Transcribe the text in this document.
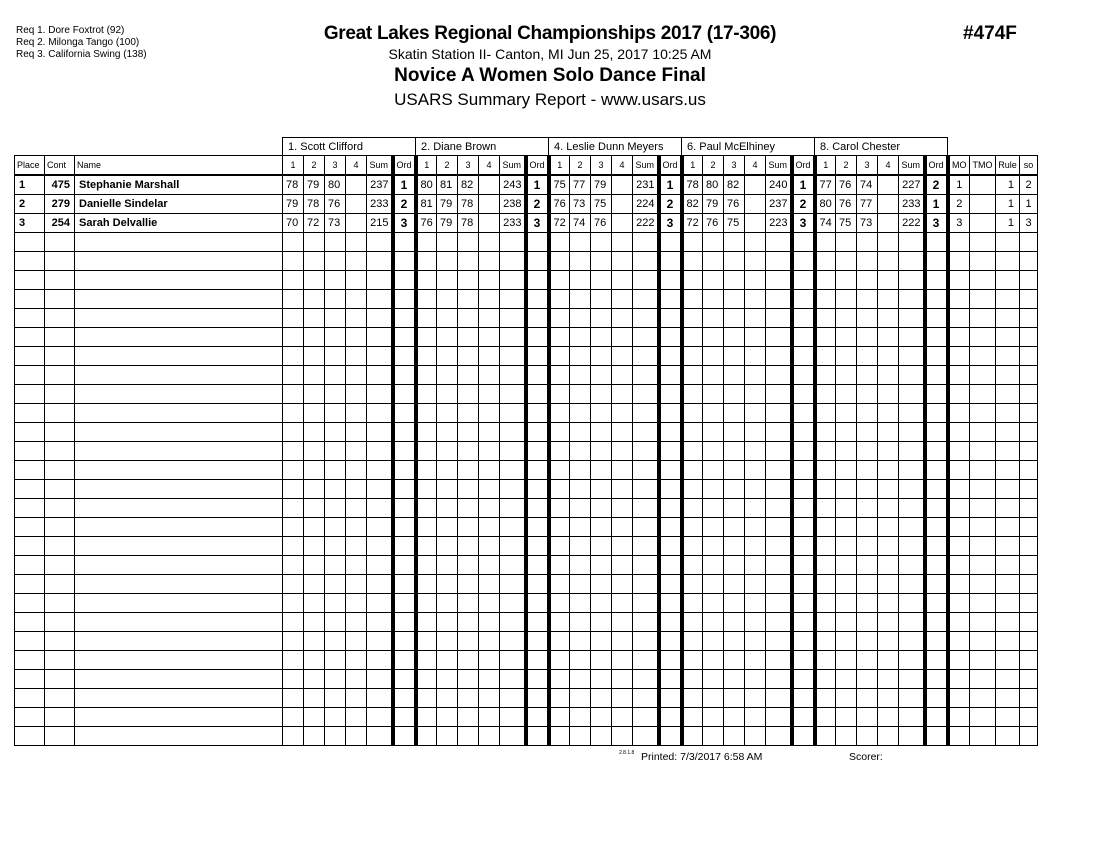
Req 1. Dore Foxtrot (92)
Req 2. Milonga Tango (100)
Req 3. California Swing (138)
Great Lakes Regional Championships 2017 (17-306)
Skatin Station II- Canton, MI Jun 25, 2017 10:25 AM
Novice A Women Solo Dance Final
USARS Summary Report - www.usars.us
#474F
			1. Scott Clifford						2. Diane Brown						4. Leslie Dunn Meyers						6. Paul McElhiney						8. Carol Chester									
Place	Cont	Name	1	2	3	4	Sum	Ord	1	2	3	4	Sum	Ord	1	2	3	4	Sum	Ord	1	2	3	4	Sum	Ord	1	2	3	4	Sum	Ord	MO	TMO	Rule	so
1	475	Stephanie Marshall	78	79	80		237	1	80	81	82		243	1	75	77	79		231	1	78	80	82		240	1	77	76	74		227	2	1		1	2
2	279	Danielle Sindelar	79	78	76		233	2	81	79	78		238	2	76	73	75		224	2	82	79	76		237	2	80	76	77		233	1	2		1	1
3	254	Sarah Delvallie	70	72	73		215	3	76	79	78		233	3	72	74	76		222	3	72	76	75		223	3	74	75	73		222	3	3		1	3

2.8.1.8 Printed: 7/3/2017 6:58 AM	Scorer:
